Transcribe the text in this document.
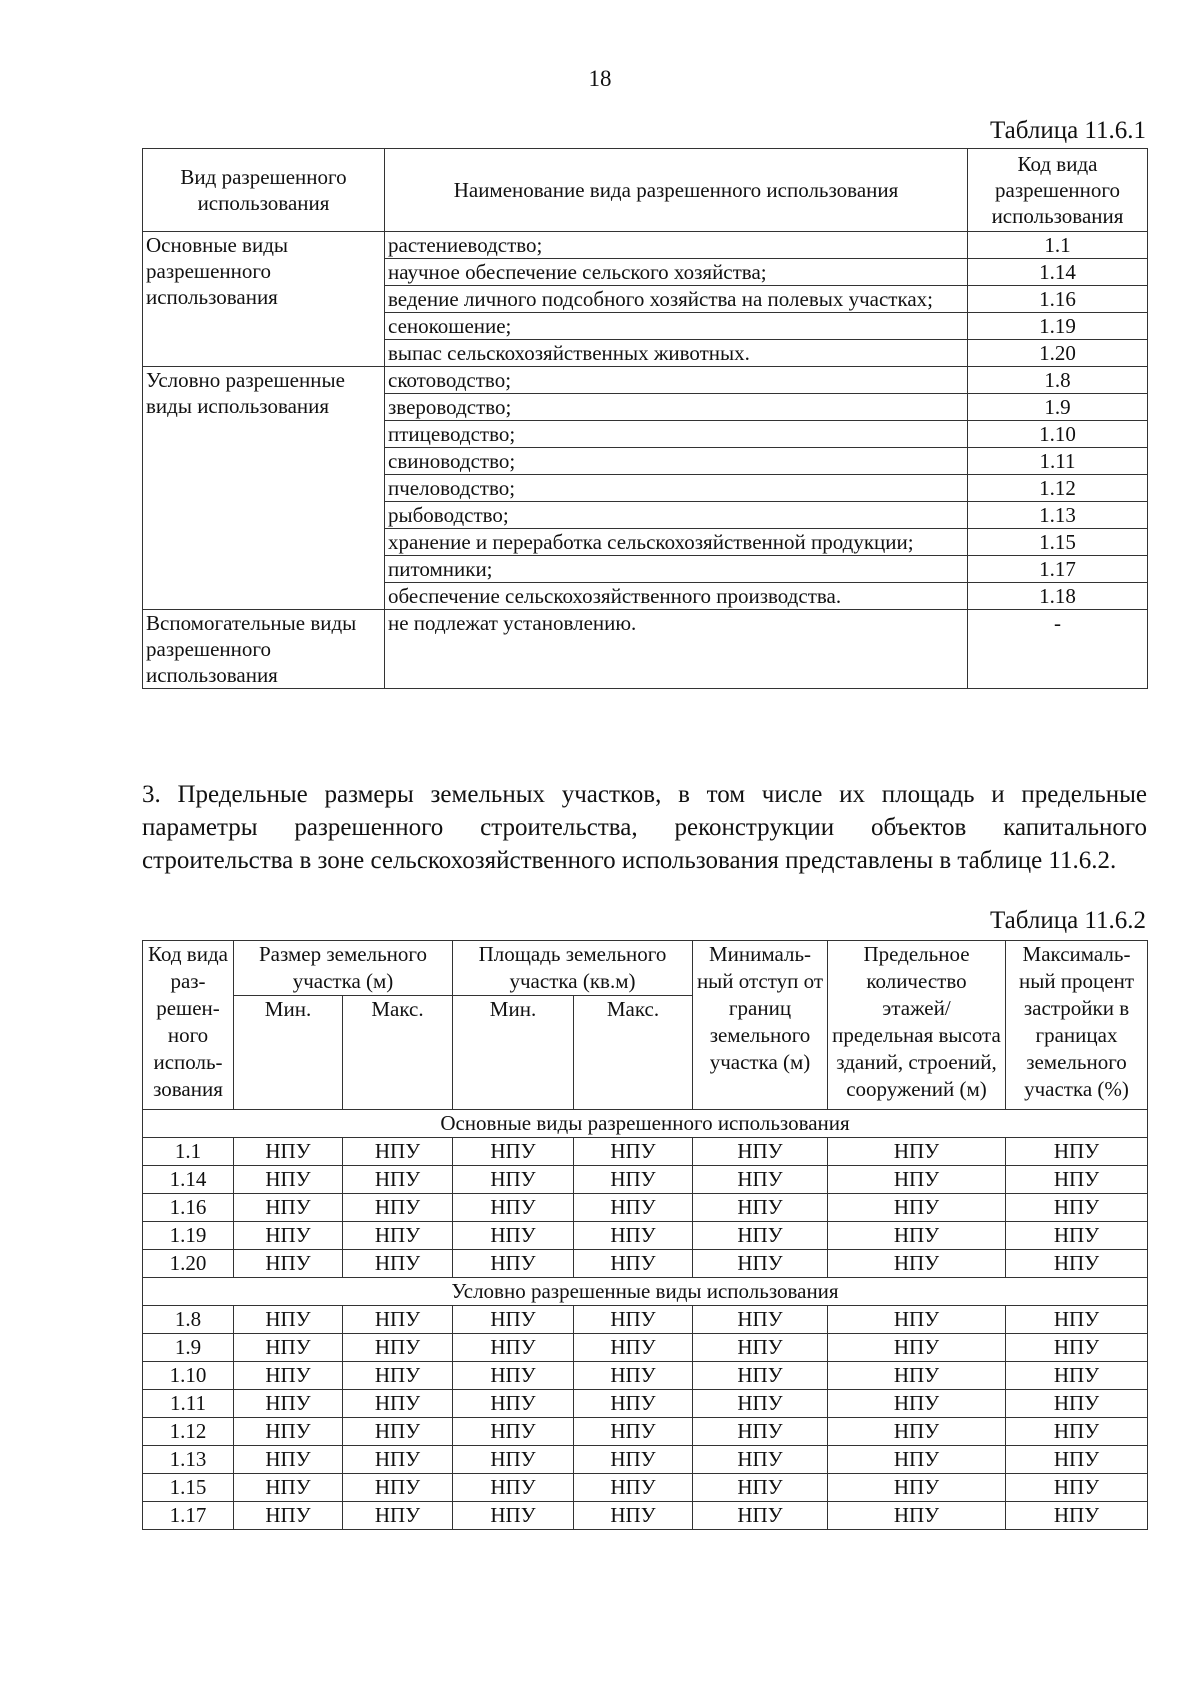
18
Таблица 11.6.1
Вид разрешенного использования	Наименование вида разрешенного использования	Код вида разрешенного использования
Основные виды разрешенного использования	растениеводство;	1.1
	научное обеспечение сельского хозяйства;	1.14
	ведение личного подсобного хозяйства на полевых участках;	1.16
	сенокошение;	1.19
	выпас сельскохозяйственных животных.	1.20
Условно разрешенные виды использования	скотоводство;	1.8
	звероводство;	1.9
	птицеводство;	1.10
	свиноводство;	1.11
	пчеловодство;	1.12
	рыбоводство;	1.13
	хранение и переработка сельскохозяйственной продукции;	1.15
	питомники;	1.17
	обеспечение сельскохозяйственного производства.	1.18
Вспомогательные виды разрешенного использования	не подлежат установлению.	-

3. Предельные размеры земельных участков, в том числе их площадь и предельные параметры разрешенного строительства, реконструкции объектов капитального строительства в зоне сельскохозяйственного использования представлены в таблице 11.6.2.

Таблица 11.6.2
Код вида раз-решен-ного исполь-зования	Размер земельного участка (м)		Площадь земельного участка (кв.м)		Минималь-ный отступ от границ земельного участка (м)	Предельное количество этажей/ предельная высота зданий, строений, сооружений (м)	Максималь-ный процент застройки в границах земельного участка (%)
	Мин.	Макс.	Мин.	Макс.			
Основные виды разрешенного использования							
1.1	НПУ	НПУ	НПУ	НПУ	НПУ	НПУ	НПУ
1.14	НПУ	НПУ	НПУ	НПУ	НПУ	НПУ	НПУ
1.16	НПУ	НПУ	НПУ	НПУ	НПУ	НПУ	НПУ
1.19	НПУ	НПУ	НПУ	НПУ	НПУ	НПУ	НПУ
1.20	НПУ	НПУ	НПУ	НПУ	НПУ	НПУ	НПУ
Условно разрешенные виды использования							
1.8	НПУ	НПУ	НПУ	НПУ	НПУ	НПУ	НПУ
1.9	НПУ	НПУ	НПУ	НПУ	НПУ	НПУ	НПУ
1.10	НПУ	НПУ	НПУ	НПУ	НПУ	НПУ	НПУ
1.11	НПУ	НПУ	НПУ	НПУ	НПУ	НПУ	НПУ
1.12	НПУ	НПУ	НПУ	НПУ	НПУ	НПУ	НПУ
1.13	НПУ	НПУ	НПУ	НПУ	НПУ	НПУ	НПУ
1.15	НПУ	НПУ	НПУ	НПУ	НПУ	НПУ	НПУ
1.17	НПУ	НПУ	НПУ	НПУ	НПУ	НПУ	НПУ
